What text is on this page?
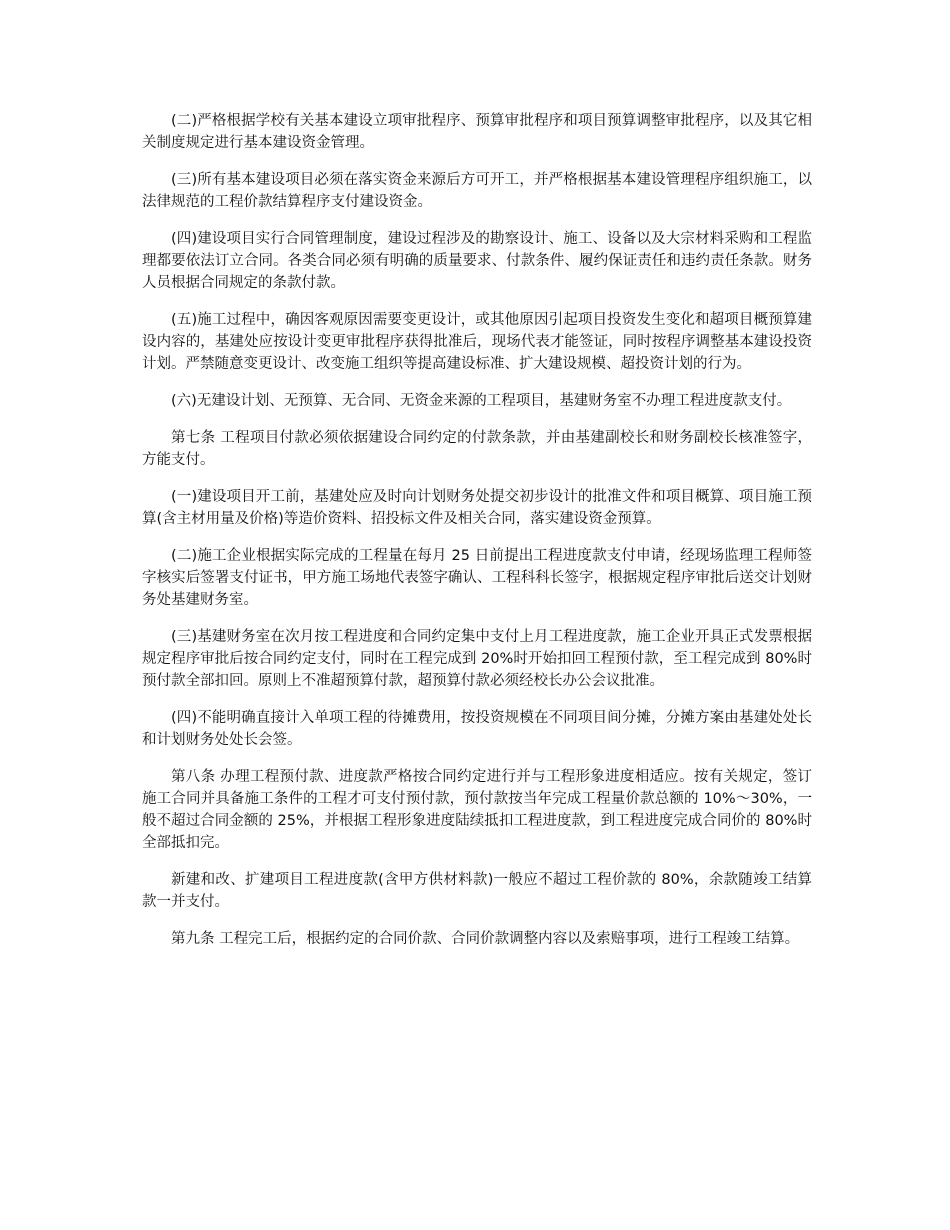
(二)严格根据学校有关基本建设立项审批程序、预算审批程序和项目预算调整审批程序，以及其它相关制度规定进行基本建设资金管理。

(三)所有基本建设项目必须在落实资金来源后方可开工，并严格根据基本建设管理程序组织施工，以法律规范的工程价款结算程序支付建设资金。

(四)建设项目实行合同管理制度，建设过程涉及的勘察设计、施工、设备以及大宗材料采购和工程监理都要依法订立合同。各类合同必须有明确的质量要求、付款条件、履约保证责任和违约责任条款。财务人员根据合同规定的条款付款。

(五)施工过程中，确因客观原因需要变更设计，或其他原因引起项目投资发生变化和超项目概预算建设内容的，基建处应按设计变更审批程序获得批准后，现场代表才能签证，同时按程序调整基本建设投资计划。严禁随意变更设计、改变施工组织等提高建设标准、扩大建设规模、超投资计划的行为。

(六)无建设计划、无预算、无合同、无资金来源的工程项目，基建财务室不办理工程进度款支付。

第七条 工程项目付款必须依据建设合同约定的付款条款，并由基建副校长和财务副校长核准签字，方能支付。

(一)建设项目开工前，基建处应及时向计划财务处提交初步设计的批准文件和项目概算、项目施工预算(含主材用量及价格)等造价资料、招投标文件及相关合同，落实建设资金预算。

(二)施工企业根据实际完成的工程量在每月 25 日前提出工程进度款支付申请，经现场监理工程师签字核实后签署支付证书，甲方施工场地代表签字确认、工程科科长签字，根据规定程序审批后送交计划财务处基建财务室。

(三)基建财务室在次月按工程进度和合同约定集中支付上月工程进度款，施工企业开具正式发票根据规定程序审批后按合同约定支付，同时在工程完成到 20%时开始扣回工程预付款，至工程完成到 80%时预付款全部扣回。原则上不准超预算付款，超预算付款必须经校长办公会议批准。

(四)不能明确直接计入单项工程的待摊费用，按投资规模在不同项目间分摊，分摊方案由基建处处长和计划财务处处长会签。

第八条 办理工程预付款、进度款严格按合同约定进行并与工程形象进度相适应。按有关规定，签订施工合同并具备施工条件的工程才可支付预付款，预付款按当年完成工程量价款总额的 10%～30%，一般不超过合同金额的 25%，并根据工程形象进度陆续抵扣工程进度款，到工程进度完成合同价的 80%时全部抵扣完。

新建和改、扩建项目工程进度款(含甲方供材料款)一般应不超过工程价款的 80%，余款随竣工结算款一并支付。

第九条 工程完工后，根据约定的合同价款、合同价款调整内容以及索赔事项，进行工程竣工结算。
